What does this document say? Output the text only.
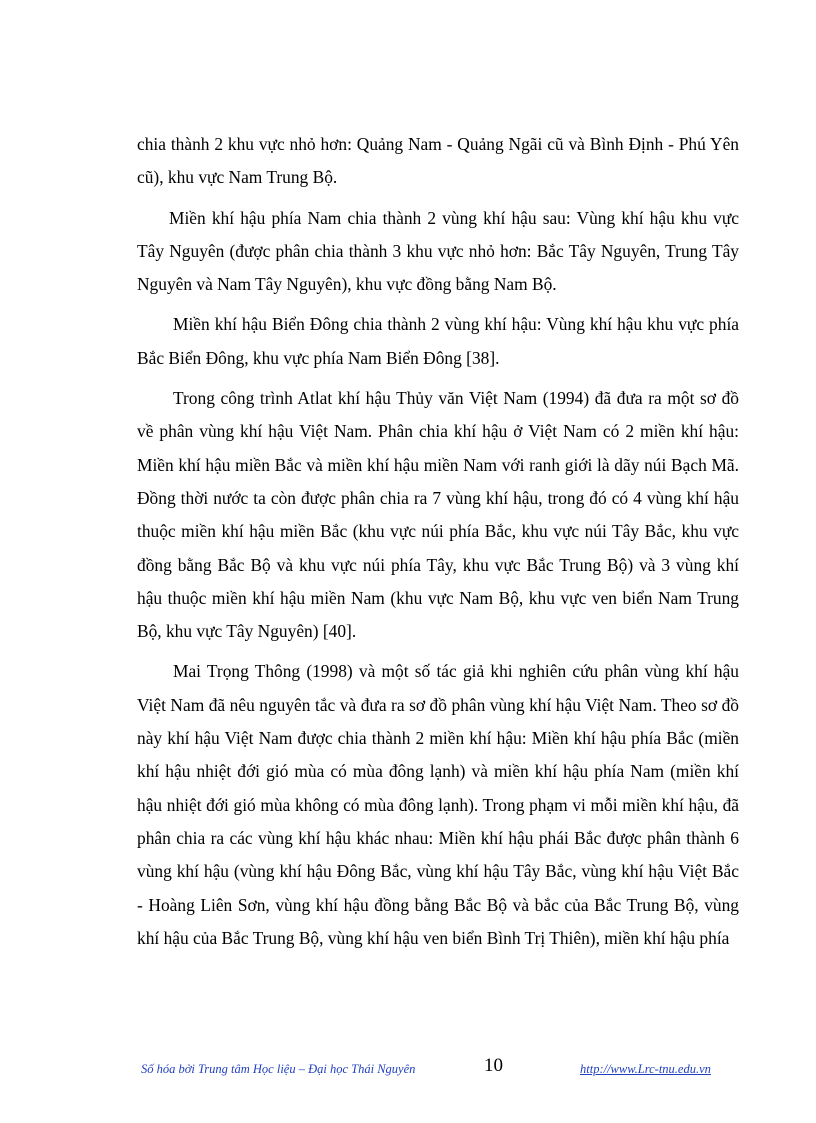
chia thành 2 khu vực nhỏ hơn: Quảng Nam - Quảng Ngãi cũ và Bình Định - Phú Yên cũ), khu vực Nam Trung Bộ.

Miền khí hậu phía Nam chia thành 2 vùng khí hậu sau: Vùng khí hậu khu vực Tây Nguyên (được phân chia thành 3 khu vực nhỏ hơn: Bắc Tây Nguyên, Trung Tây Nguyên và Nam Tây Nguyên), khu vực đồng bằng Nam Bộ.

Miền khí hậu Biển Đông chia thành 2 vùng khí hậu: Vùng khí hậu khu vực phía Bắc Biển Đông, khu vực phía Nam Biển Đông [38].

Trong công trình Atlat khí hậu Thủy văn Việt Nam (1994) đã đưa ra một sơ đồ về phân vùng khí hậu Việt Nam. Phân chia khí hậu ở Việt Nam có 2 miền khí hậu: Miền khí hậu miền Bắc và miền khí hậu miền Nam với ranh giới là dãy núi Bạch Mã. Đồng thời nước ta còn được phân chia ra 7 vùng khí hậu, trong đó có 4 vùng khí hậu thuộc miền khí hậu miền Bắc (khu vực núi phía Bắc, khu vực núi Tây Bắc, khu vực đồng bằng Bắc Bộ và khu vực núi phía Tây, khu vực Bắc Trung Bộ) và 3 vùng khí hậu thuộc miền khí hậu miền Nam (khu vực Nam Bộ, khu vực ven biển Nam Trung Bộ, khu vực Tây Nguyên) [40].

Mai Trọng Thông (1998) và một số tác giả khi nghiên cứu phân vùng khí hậu Việt Nam đã nêu nguyên tắc và đưa ra sơ đồ phân vùng khí hậu Việt Nam. Theo sơ đồ này khí hậu Việt Nam được chia thành 2 miền khí hậu: Miền khí hậu phía Bắc (miền khí hậu nhiệt đới gió mùa có mùa đông lạnh) và miền khí hậu phía Nam (miền khí hậu nhiệt đới gió mùa không có mùa đông lạnh). Trong phạm vi mỗi miền khí hậu, đã phân chia ra các vùng khí hậu khác nhau: Miền khí hậu phái Bắc được phân thành 6 vùng khí hậu (vùng khí hậu Đông Bắc, vùng khí hậu Tây Bắc, vùng khí hậu Việt Bắc - Hoàng Liên Sơn, vùng khí hậu đồng bằng Bắc Bộ và bắc của Bắc Trung Bộ, vùng khí hậu của Bắc Trung Bộ, vùng khí hậu ven biển Bình Trị Thiên), miền khí hậu phía

Số hóa bởi Trung tâm Học liệu – Đại học Thái Nguyên	10	http://www.Lrc-tnu.edu.vn
